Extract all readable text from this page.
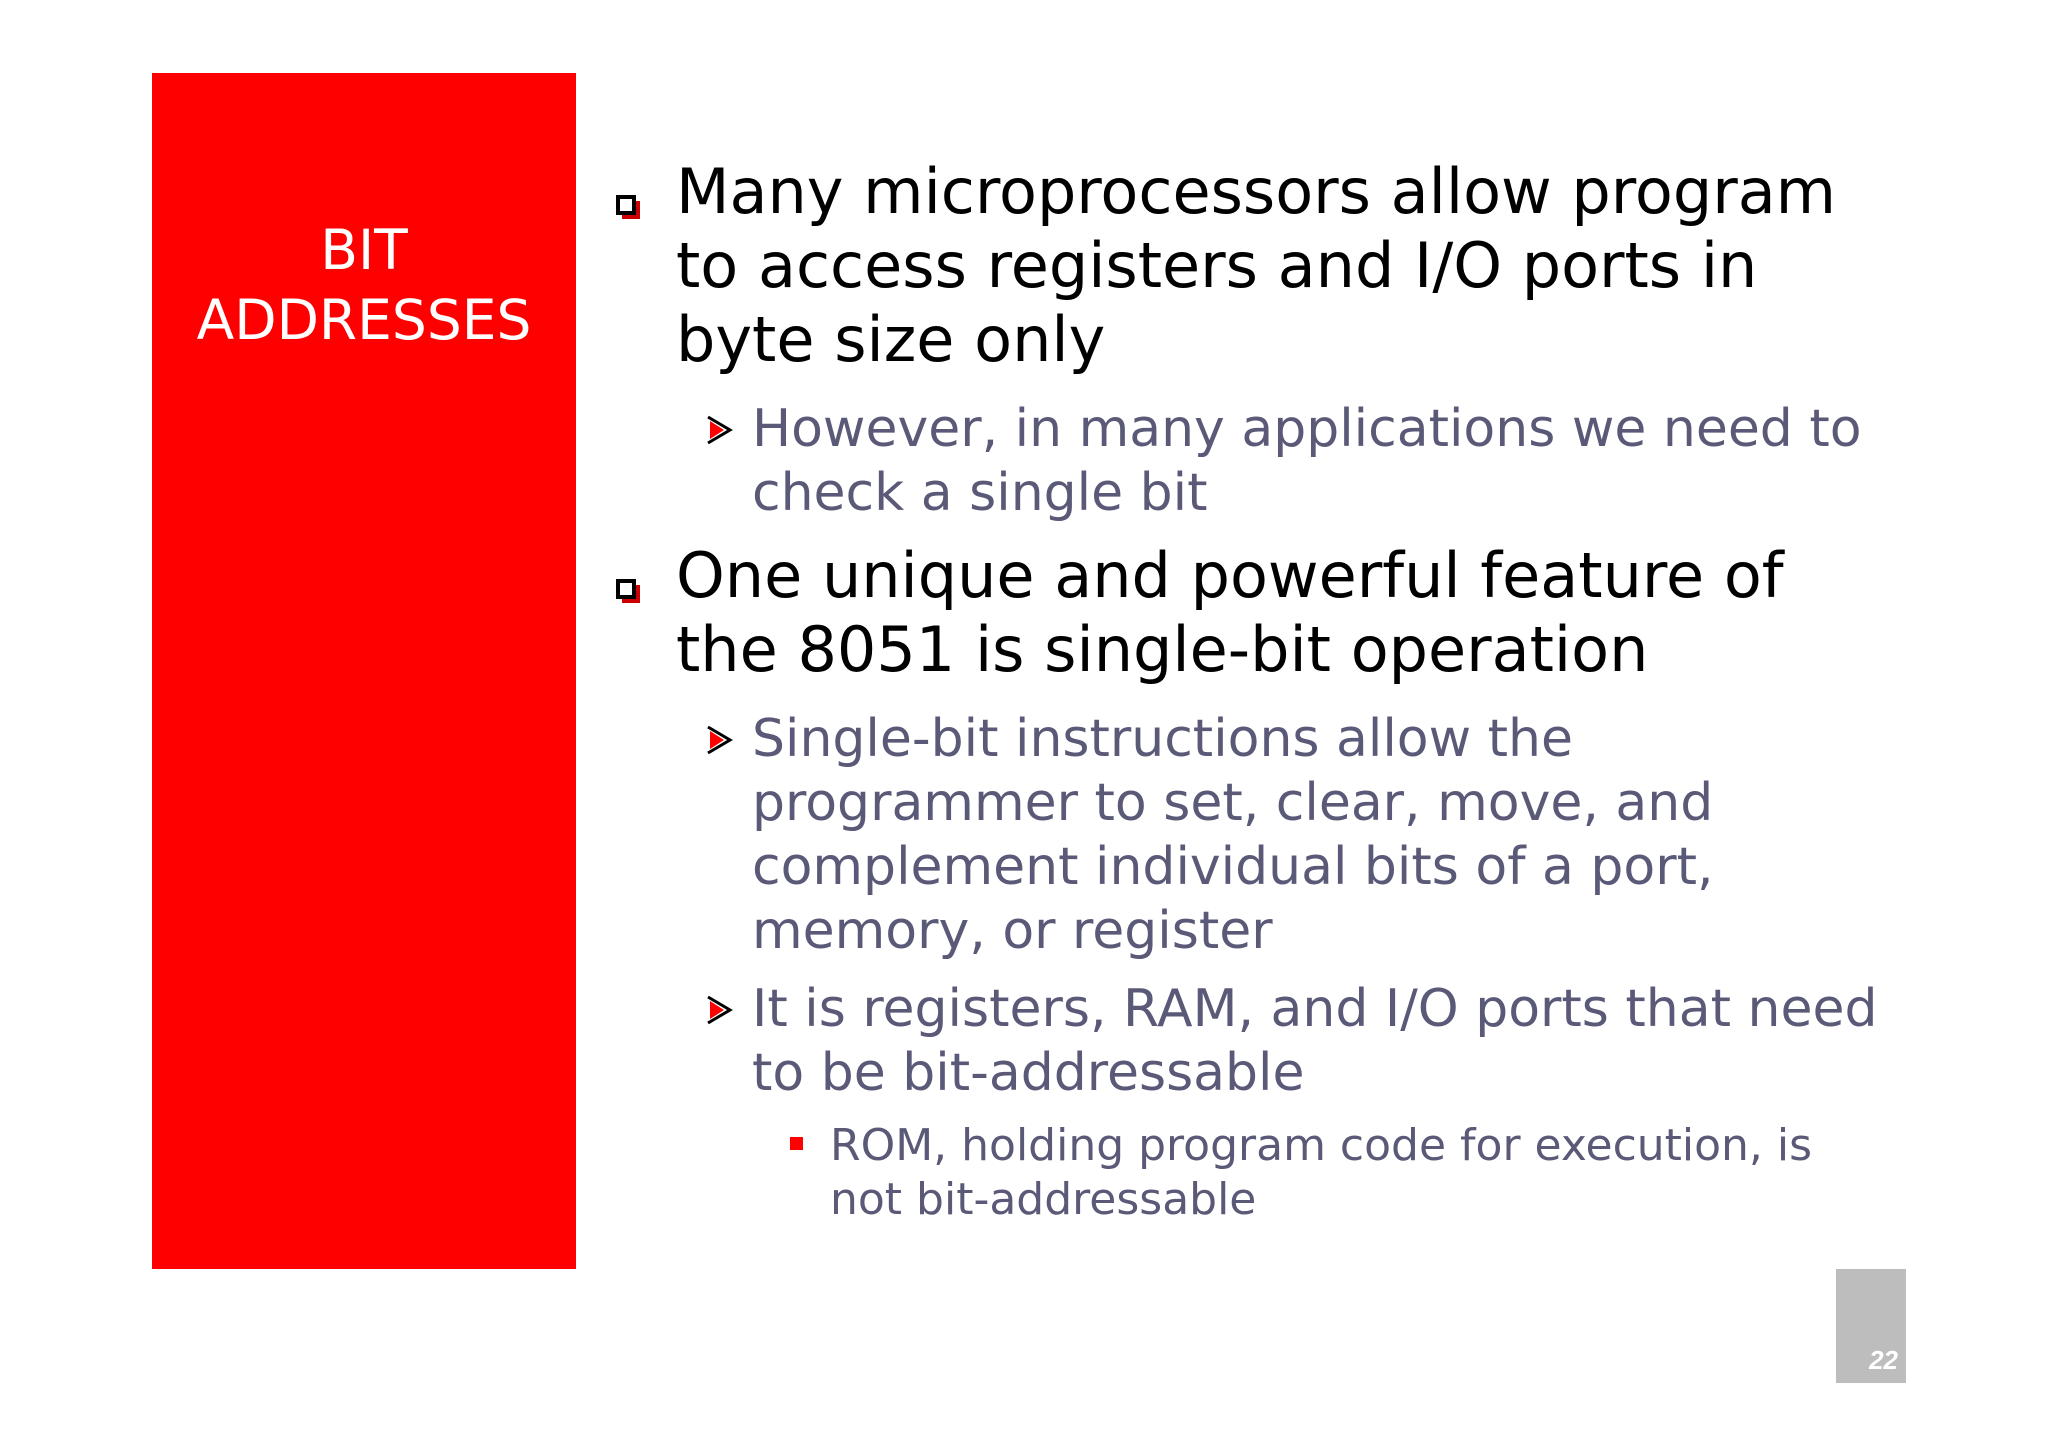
BIT
ADDRESSES
Many microprocessors allow program to access registers and I/O ports in byte size only
However, in many applications we need to check a single bit
One unique and powerful feature of the 8051 is single-bit operation
Single-bit instructions allow the programmer to set, clear, move, and complement individual bits of a port, memory, or register
It is registers, RAM, and I/O ports that need to be bit-addressable
ROM, holding program code for execution, is not bit-addressable
22
